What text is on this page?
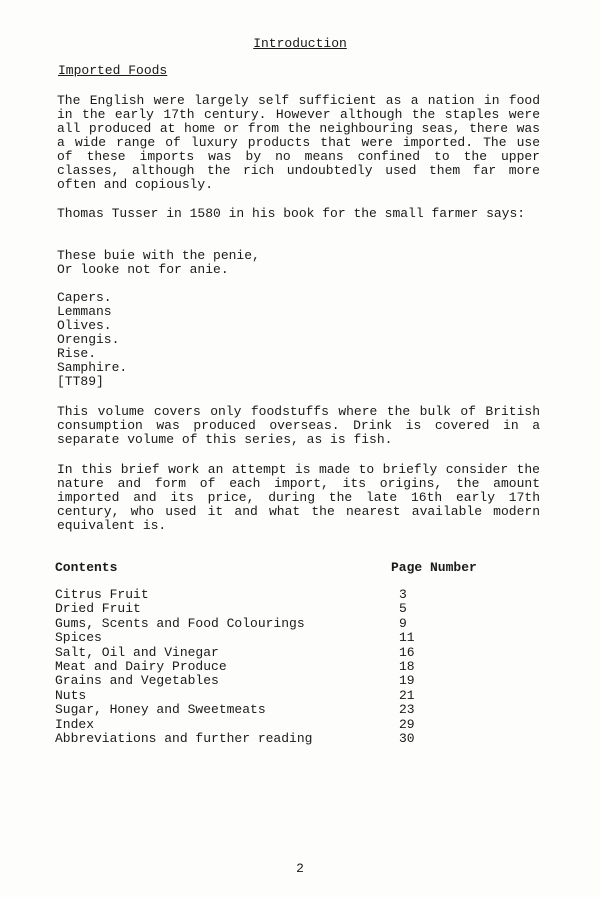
Introduction
Imported Foods
The English were largely self sufficient as a nation in food in the early 17th century. However although the staples were all produced at home or from the neighbouring seas, there was a wide range of luxury products that were imported. The use of these imports was by no means confined to the upper classes, although the rich undoubtedly used them far more often and copiously.
Thomas Tusser in 1580 in his book for the small farmer says:
These buie with the penie,
Or looke not for anie.
Capers.
Lemmans
Olives.
Orengis.
Rise.
Samphire.
[TT89]
This volume covers only foodstuffs where the bulk of British consumption was produced overseas. Drink is covered in a separate volume of this series, as is fish.
In this brief work an attempt is made to briefly consider the nature and form of each import, its origins, the amount imported and its price, during the late 16th early 17th century, who used it and what the nearest available modern equivalent is.
Contents	Page Number
Citrus Fruit	3
Dried Fruit	5
Gums, Scents and Food Colourings	9
Spices	11
Salt, Oil and Vinegar	16
Meat and Dairy Produce	18
Grains and Vegetables	19
Nuts	21
Sugar, Honey and Sweetmeats	23
Index	29
Abbreviations and further reading	30
2
